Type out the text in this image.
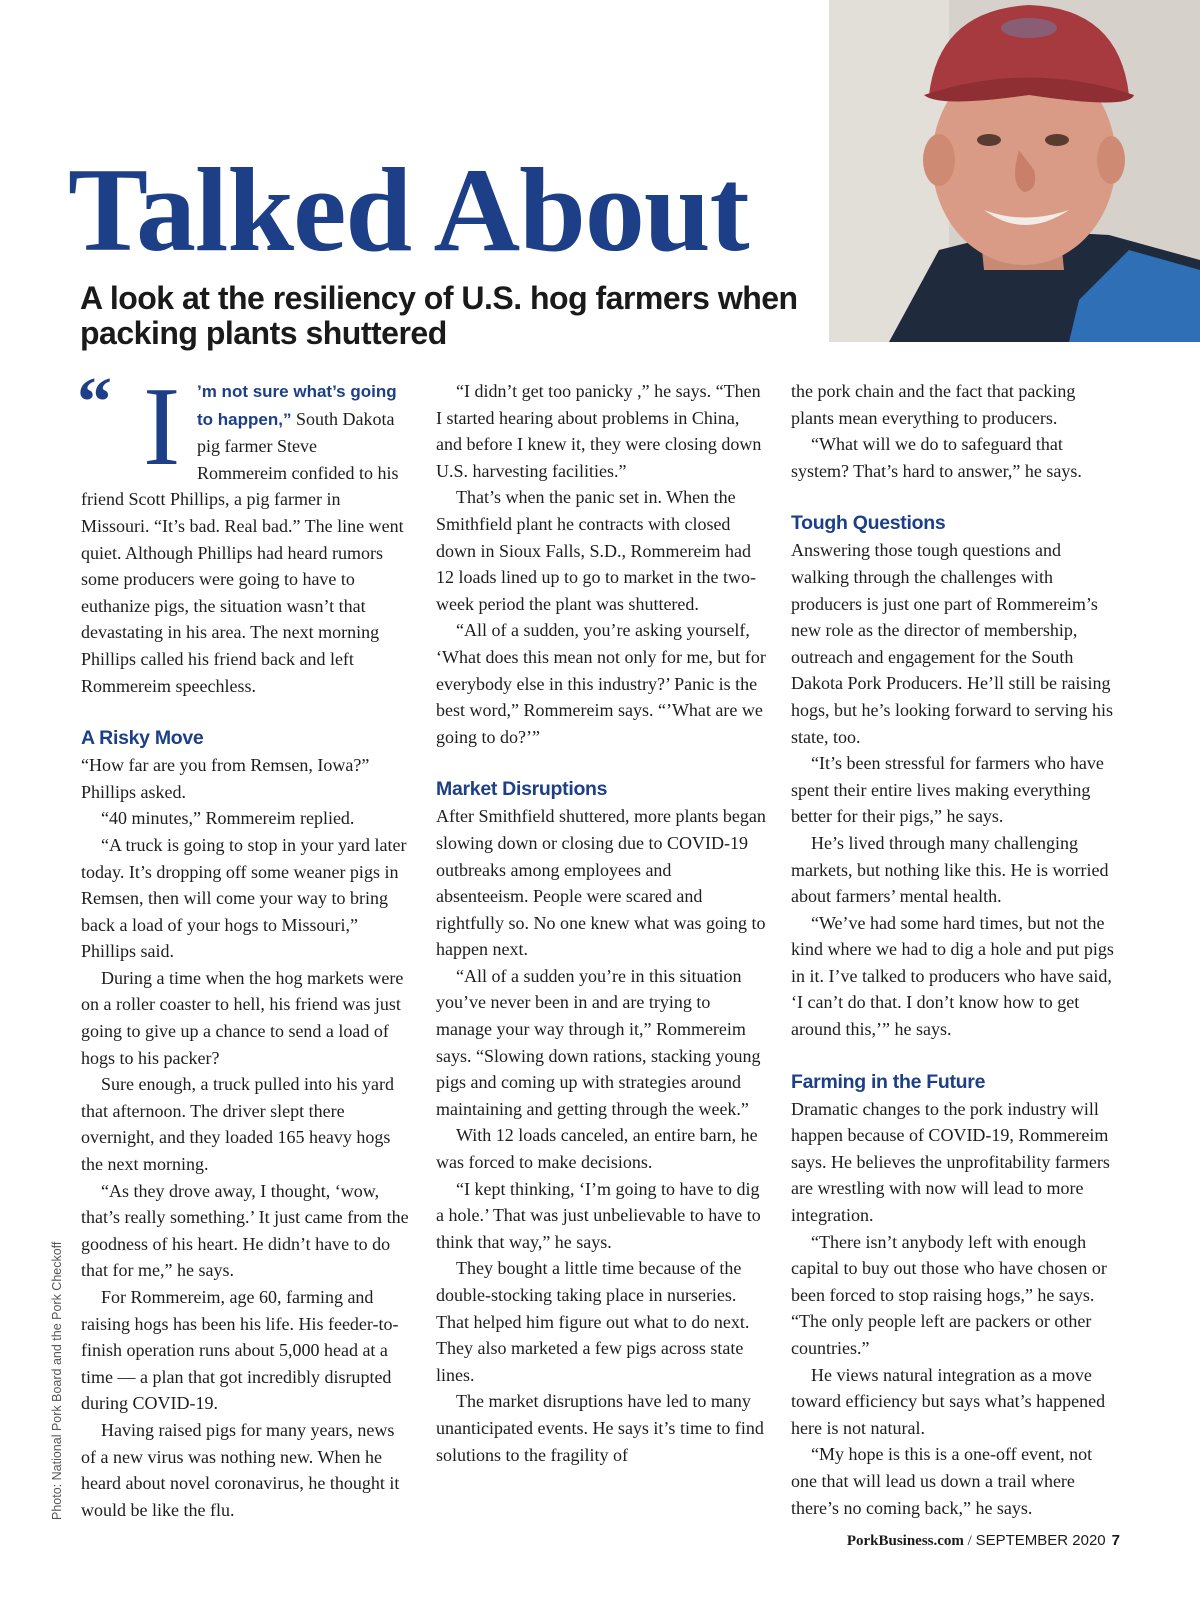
Talked About
A look at the resiliency of U.S. hog farmers when packing plants shuttered
Photo: National Pork Board and the Pork Checkoff
“ I ’m not sure what’s going to happen,” South Dakota pig farmer Steve Rommereim confided to his friend Scott Phillips, a pig farmer in Missouri. “It’s bad. Real bad.” The line went quiet. Although Phillips had heard rumors some producers were going to have to euthanize pigs, the situation wasn’t that devastating in his area. The next morning Phillips called his friend back and left Rommereim speechless.

A Risky Move

“How far are you from Remsen, Iowa?” Phillips asked.

“40 minutes,” Rommereim replied.

“A truck is going to stop in your yard later today. It’s dropping off some weaner pigs in Remsen, then will come your way to bring back a load of your hogs to Missouri,” Phillips said.

During a time when the hog markets were on a roller coaster to hell, his friend was just going to give up a chance to send a load of hogs to his packer?

Sure enough, a truck pulled into his yard that afternoon. The driver slept there overnight, and they loaded 165 heavy hogs the next morning.

“As they drove away, I thought, ‘wow, that’s really something.’ It just came from the goodness of his heart. He didn’t have to do that for me,” he says.

For Rommereim, age 60, farming and raising hogs has been his life. His feeder-to-finish operation runs about 5,000 head at a time — a plan that got incredibly disrupted during COVID-19.

Having raised pigs for many years, news of a new virus was nothing new. When he heard about novel coronavirus, he thought it would be like the flu.

“I didn’t get too panicky ,” he says. “Then I started hearing about problems in China, and before I knew it, they were closing down U.S. harvesting facilities.”

That’s when the panic set in. When the Smithfield plant he contracts with closed down in Sioux Falls, S.D., Rommereim had 12 loads lined up to go to market in the two-week period the plant was shuttered.

“All of a sudden, you’re asking yourself, ‘What does this mean not only for me, but for everybody else in this industry?’ Panic is the best word,” Rommereim says. “’What are we going to do?’”

Market Disruptions

After Smithfield shuttered, more plants began slowing down or closing due to COVID-19 outbreaks among employees and absenteeism. People were scared and rightfully so. No one knew what was going to happen next.

“All of a sudden you’re in this situation you’ve never been in and are trying to manage your way through it,” Rommereim says. “Slowing down rations, stacking young pigs and coming up with strategies around maintaining and getting through the week.”

With 12 loads canceled, an entire barn, he was forced to make decisions.

“I kept thinking, ‘I’m going to have to dig a hole.’ That was just unbelievable to have to think that way,” he says.

They bought a little time because of the double-stocking taking place in nurseries. That helped him figure out what to do next. They also marketed a few pigs across state lines.

The market disruptions have led to many unanticipated events. He says it’s time to find solutions to the fragility of

the pork chain and the fact that packing plants mean everything to producers.

“What will we do to safeguard that system? That’s hard to answer,” he says.

Tough Questions

Answering those tough questions and walking through the challenges with producers is just one part of Rommereim’s new role as the director of membership, outreach and engagement for the South Dakota Pork Producers. He’ll still be raising hogs, but he’s looking forward to serving his state, too.

“It’s been stressful for farmers who have spent their entire lives making everything better for their pigs,” he says.

He’s lived through many challenging markets, but nothing like this. He is worried about farmers’ mental health.

“We’ve had some hard times, but not the kind where we had to dig a hole and put pigs in it. I’ve talked to producers who have said, ‘I can’t do that. I don’t know how to get around this,’” he says.

Farming in the Future

Dramatic changes to the pork industry will happen because of COVID-19, Rommereim says. He believes the unprofitability farmers are wrestling with now will lead to more integration.

“There isn’t anybody left with enough capital to buy out those who have chosen or been forced to stop raising hogs,” he says. “The only people left are packers or other countries.”

He views natural integration as a move toward efficiency but says what’s happened here is not natural.

“My hope is this is a one-off event, not one that will lead us down a trail where there’s no coming back,” he says.

PorkBusiness.com / SEPTEMBER 2020 7
